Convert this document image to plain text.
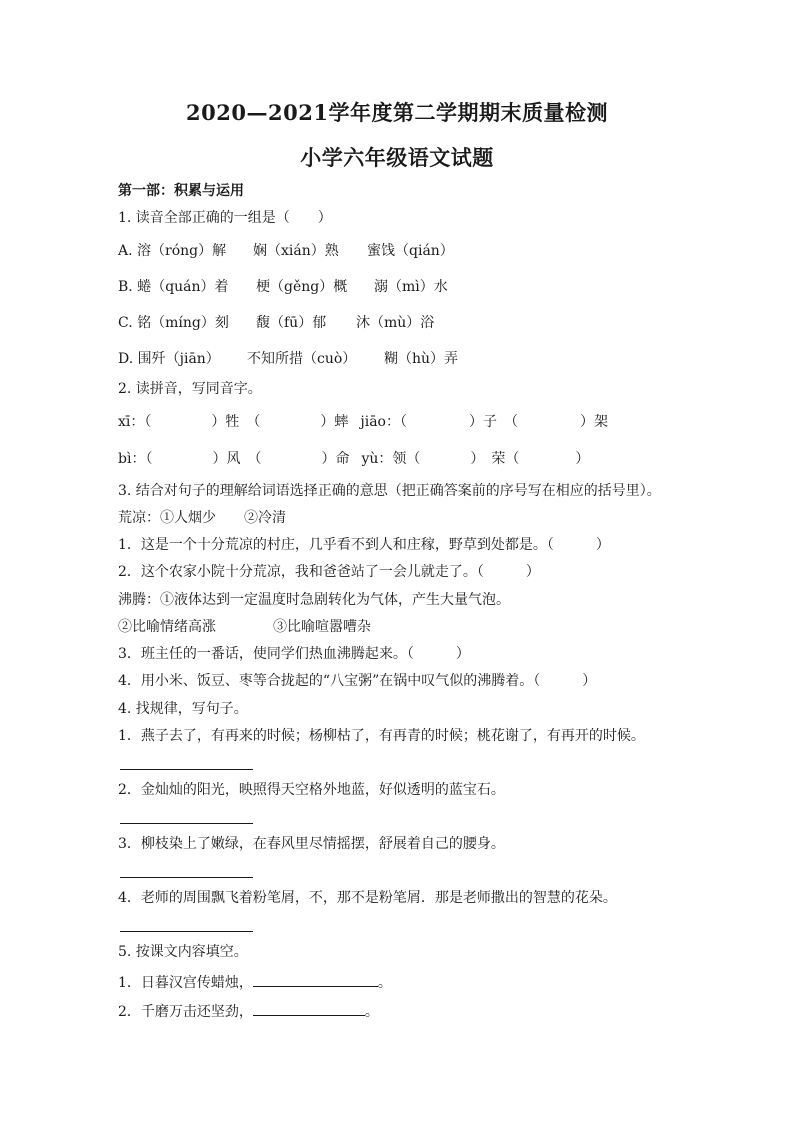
2020—2021学年度第二学期期末质量检测
小学六年级语文试题
第一部：积累与运用
1. 读音全部正确的一组是（　　）
A. 溶（róng）解 娴（xián）熟 蜜饯（qián）
B. 蜷（quán）着 梗（gěng）概 溺（mì）水
C. 铭（míng）刻 馥（fū）郁 沐（mù）浴
D. 围歼（jiān） 不知所措（cuò） 糊（hù）弄
2. 读拼音，写同音字。
xī：（	）牲　（	）蟀 jiāo：（	）子　（	）架
bì：（	）风　（	）命 yù：领（	）　荣（	）
3. 结合对句子的理解给词语选择正确的意思（把正确答案前的序号写在相应的括号里）。
荒凉：①人烟少　　②冷清
1．这是一个十分荒凉的村庄，几乎看不到人和庄稼，野草到处都是。（　　　）
2．这个农家小院十分荒凉，我和爸爸站了一会儿就走了。（　　　）
沸腾：①液体达到一定温度时急剧转化为气体，产生大量气泡。
②比喻情绪高涨	③比喻喧嚣嘈杂
3．班主任的一番话，使同学们热血沸腾起来。（　　　）
4．用小米、饭豆、枣等合拢起的“八宝粥”在锅中叹气似的沸腾着。（　　　）
4. 找规律，写句子。
1．燕子去了，有再来的时候；杨柳枯了，有再青的时候；桃花谢了，有再开的时候。
2．金灿灿的阳光，映照得天空格外地蓝，好似透明的蓝宝石。
3．柳枝染上了嫩绿，在春风里尽情摇摆，舒展着自己的腰身。
4．老师的周围飘飞着粉笔屑，不，那不是粉笔屑．那是老师撒出的智慧的花朵。
5. 按课文内容填空。
1．日暮汉宫传蜡烛，	。
2．千磨万击还坚劲，	。
